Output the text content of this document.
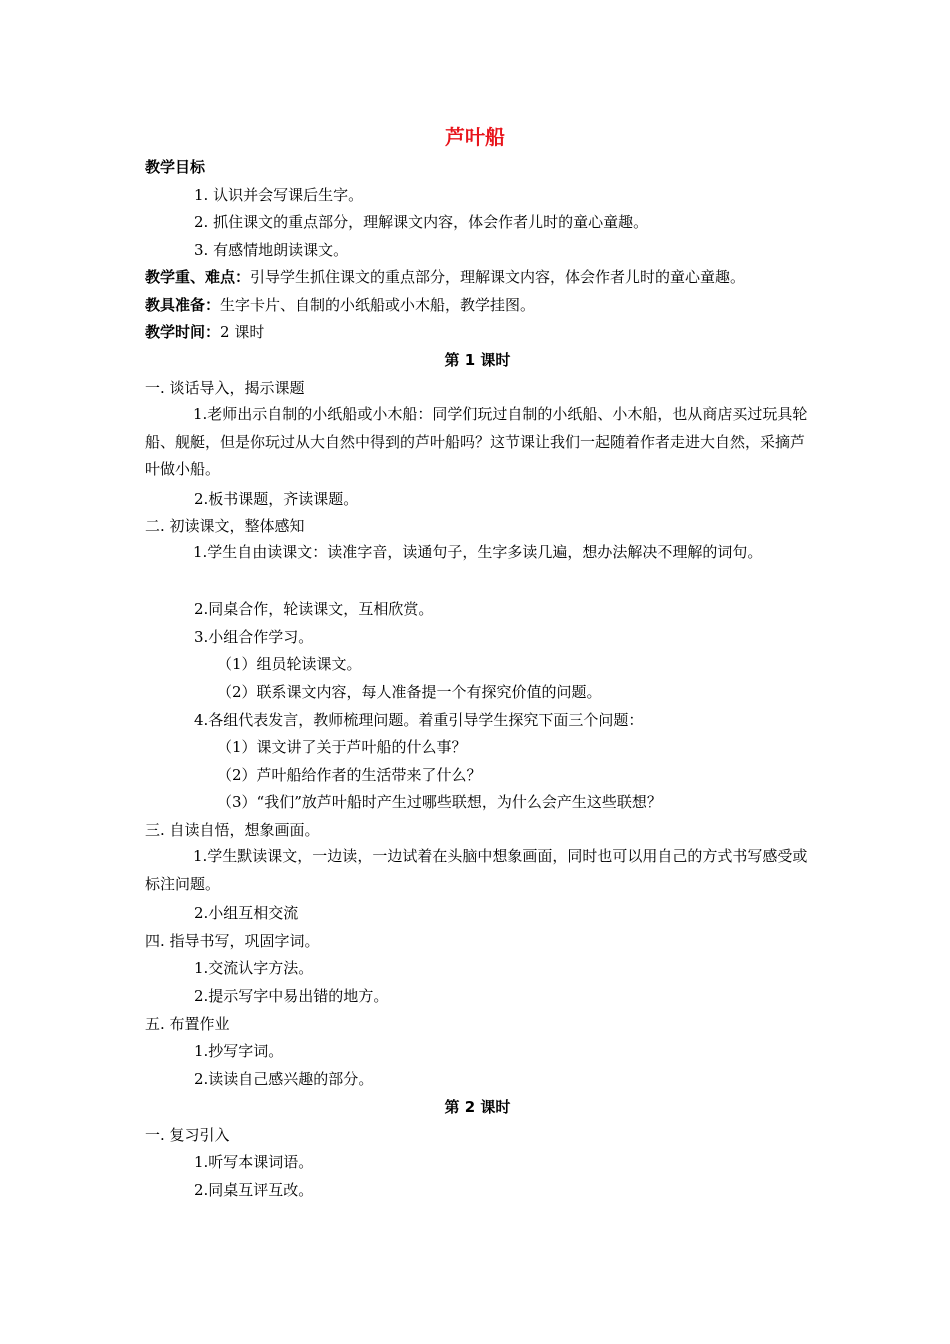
芦叶船
教学目标
1. 认识并会写课后生字。
2. 抓住课文的重点部分，理解课文内容，体会作者儿时的童心童趣。
3. 有感情地朗读课文。
教学重、难点：引导学生抓住课文的重点部分，理解课文内容，体会作者儿时的童心童趣。
教具准备：生字卡片、自制的小纸船或小木船，教学挂图。
教学时间：2 课时
第 1 课时
一. 谈话导入，揭示课题
1.老师出示自制的小纸船或小木船：同学们玩过自制的小纸船、小木船，也从商店买过玩具轮船、舰艇，但是你玩过从大自然中得到的芦叶船吗？这节课让我们一起随着作者走进大自然，采摘芦叶做小船。
2.板书课题，齐读课题。
二. 初读课文，整体感知
1.学生自由读课文：读准字音，读通句子，生字多读几遍，想办法解决不理解的词句。
2.同桌合作，轮读课文，互相欣赏。
3.小组合作学习。
（1）组员轮读课文。
（2）联系课文内容，每人准备提一个有探究价值的问题。
4.各组代表发言，教师梳理问题。着重引导学生探究下面三个问题：
（1）课文讲了关于芦叶船的什么事？
（2）芦叶船给作者的生活带来了什么？
（3）“我们”放芦叶船时产生过哪些联想，为什么会产生这些联想？
三. 自读自悟，想象画面。
1.学生默读课文，一边读，一边试着在头脑中想象画面，同时也可以用自己的方式书写感受或标注问题。
2.小组互相交流
四. 指导书写，巩固字词。
1.交流认字方法。
2.提示写字中易出错的地方。
五. 布置作业
1.抄写字词。
2.读读自己感兴趣的部分。
第 2 课时
一. 复习引入
1.听写本课词语。
2.同桌互评互改。
